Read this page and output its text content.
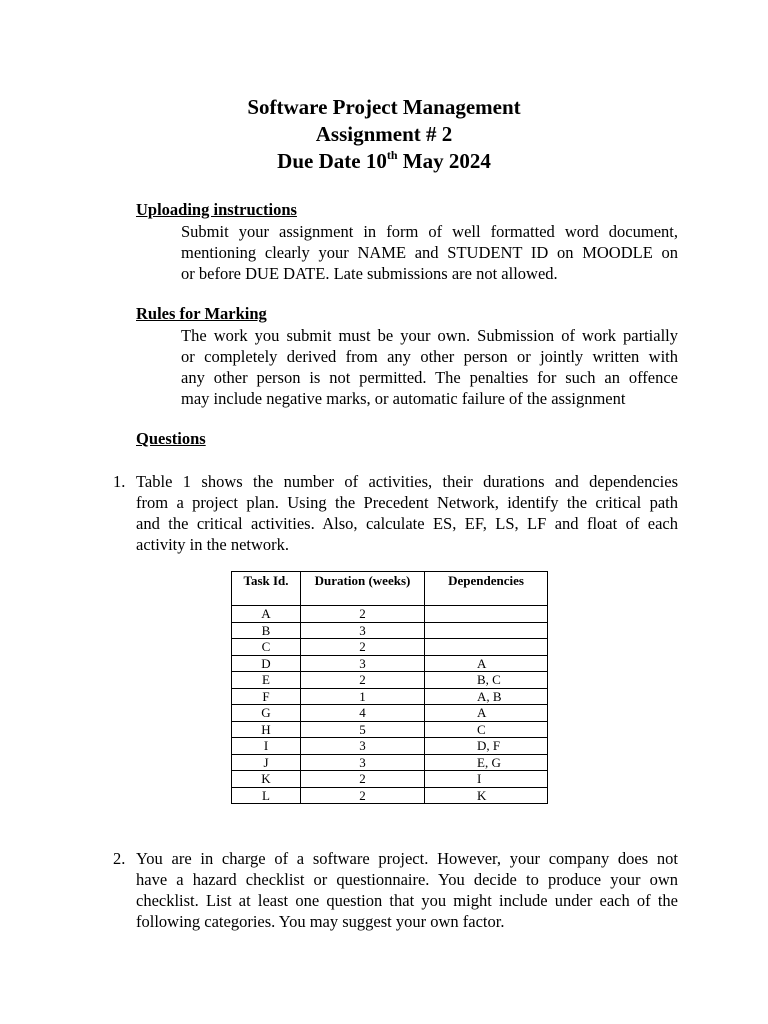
Software Project Management
Assignment # 2
Due Date 10th May 2024
Uploading instructions
Submit your assignment in form of well formatted word document,
mentioning clearly your NAME and STUDENT ID on MOODLE on
or before DUE DATE. Late submissions are not allowed.
Rules for Marking
The work you submit must be your own. Submission of work partially
or completely derived from any other person or jointly written with
any other person is not permitted. The penalties for such an offence
may include negative marks, or automatic failure of the assignment
Questions
1. Table 1 shows the number of activities, their durations and dependencies
from a project plan. Using the Precedent Network, identify the critical path
and the critical activities. Also, calculate ES, EF, LS, LF and float of each
activity in the network.
Task Id.	Duration (weeks)	Dependencies
A	2	
B	3	
C	2	
D	3	A
E	2	B, C
F	1	A, B
G	4	A
H	5	C
I	3	D, F
J	3	E, G
K	2	I
L	2	K
2. You are in charge of a software project. However, your company does not
have a hazard checklist or questionnaire. You decide to produce your own
checklist. List at least one question that you might include under each of the
following categories. You may suggest your own factor.
